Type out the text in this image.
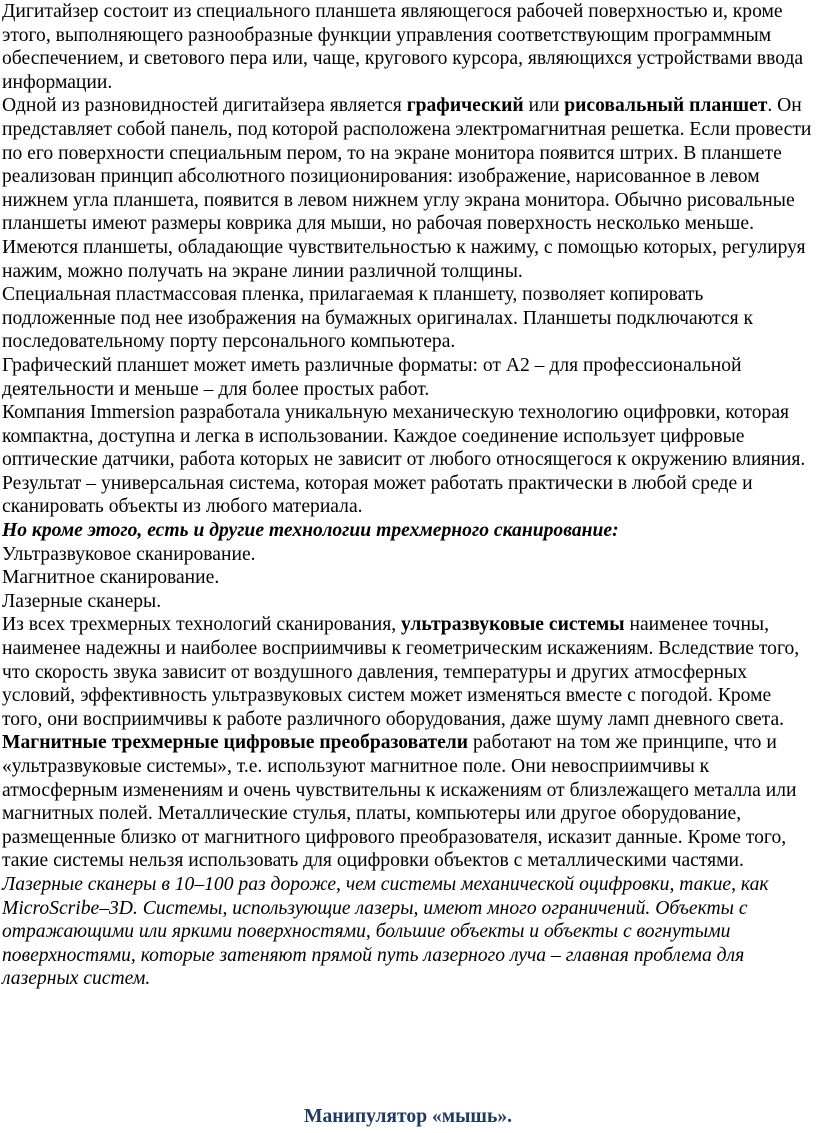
Дигитайзер состоит из специального планшета являющегося рабочей поверхностью и, кроме этого, выполняющего разнообразные функции управления соответствующим программным обеспечением, и светового пера или, чаще, кругового курсора, являющихся устройствами ввода информации.

Одной из разновидностей дигитайзера является графический или рисовальный планшет. Он представляет собой панель, под которой расположена электромагнитная решетка. Если провести по его поверхности специальным пером, то на экране монитора появится штрих. В планшете реализован принцип абсолютного позиционирования: изображение, нарисованное в левом нижнем угла планшета, появится в левом нижнем углу экрана монитора. Обычно рисовальные планшеты имеют размеры коврика для мыши, но рабочая поверхность несколько меньше.

Имеются планшеты, обладающие чувствительностью к нажиму, с помощью которых, регулируя нажим, можно получать на экране линии различной толщины.

Специальная пластмассовая пленка, прилагаемая к планшету, позволяет копировать подложенные под нее изображения на бумажных оригиналах. Планшеты подключаются к последовательному порту персонального компьютера.

Графический планшет может иметь различные форматы: от А2 – для профессиональной деятельности и меньше – для более простых работ.

Компания Immersion разработала уникальную механическую технологию оцифровки, которая компактна, доступна и легка в использовании. Каждое соединение использует цифровые оптические датчики, работа которых не зависит от любого относящегося к окружению влияния. Результат – универсальная система, которая может работать практически в любой среде и сканировать объекты из любого материала.

Но кроме этого, есть и другие технологии трехмерного сканирование:

Ультразвуковое сканирование.

Магнитное сканирование.

Лазерные сканеры.

Из всех трехмерных технологий сканирования, ультразвуковые системы наименее точны, наименее надежны и наиболее восприимчивы к геометрическим искажениям. Вследствие того, что скорость звука зависит от воздушного давления, температуры и других атмосферных условий, эффективность ультразвуковых систем может изменяться вместе с погодой. Кроме того, они восприимчивы к работе различного оборудования, даже шуму ламп дневного света.

Магнитные трехмерные цифровые преобразователи работают на том же принципе, что и «ультразвуковые системы», т.е. используют магнитное поле. Они невосприимчивы к атмосферным изменениям и очень чувствительны к искажениям от близлежащего металла или магнитных полей. Металлические стулья, платы, компьютеры или другое оборудование, размещенные близко от магнитного цифрового преобразователя, исказит данные. Кроме того, такие системы нельзя использовать для оцифровки объектов с металлическими частями.

Лазерные сканеры в 10–100 раз дороже, чем системы механической оцифровки, такие, как MicroScribe–3D. Системы, использующие лазеры, имеют много ограничений. Объекты с отражающими или яркими поверхностями, большие объекты и объекты с вогнутыми поверхностями, которые затеняют прямой путь лазерного луча – главная проблема для лазерных систем.

Манипулятор «мышь».
